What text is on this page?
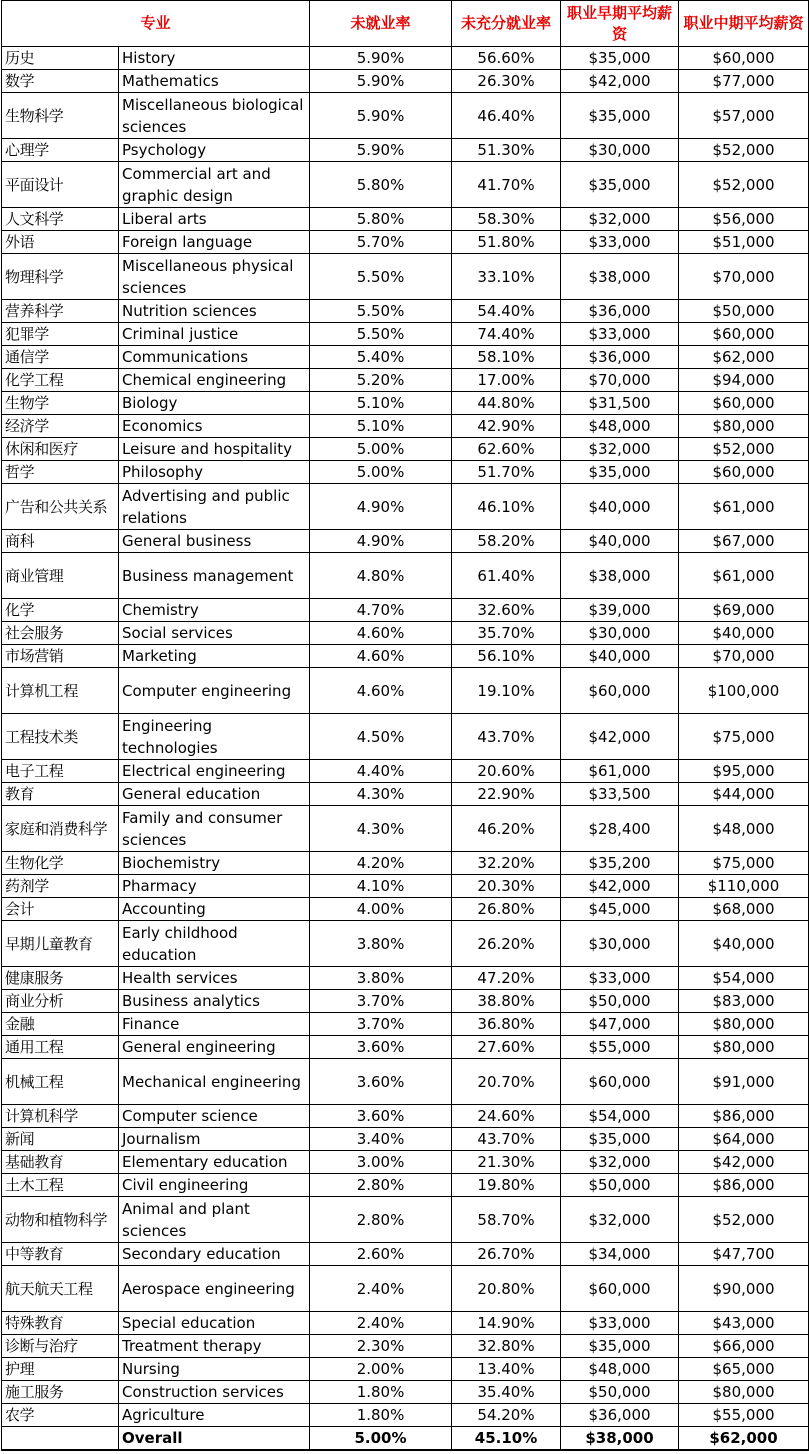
专业		未就业率	未充分就业率	职业早期平均薪资	职业中期平均薪资
历史	History	5.90%	56.60%	$35,000	$60,000
数学	Mathematics	5.90%	26.30%	$42,000	$77,000
生物科学	Miscellaneous biological sciences	5.90%	46.40%	$35,000	$57,000
心理学	Psychology	5.90%	51.30%	$30,000	$52,000
平面设计	Commercial art and graphic design	5.80%	41.70%	$35,000	$52,000
人文科学	Liberal arts	5.80%	58.30%	$32,000	$56,000
外语	Foreign language	5.70%	51.80%	$33,000	$51,000
物理科学	Miscellaneous physical sciences	5.50%	33.10%	$38,000	$70,000
营养科学	Nutrition sciences	5.50%	54.40%	$36,000	$50,000
犯罪学	Criminal justice	5.50%	74.40%	$33,000	$60,000
通信学	Communications	5.40%	58.10%	$36,000	$62,000
化学工程	Chemical engineering	5.20%	17.00%	$70,000	$94,000
生物学	Biology	5.10%	44.80%	$31,500	$60,000
经济学	Economics	5.10%	42.90%	$48,000	$80,000
休闲和医疗	Leisure and hospitality	5.00%	62.60%	$32,000	$52,000
哲学	Philosophy	5.00%	51.70%	$35,000	$60,000
广告和公共关系	Advertising and public relations	4.90%	46.10%	$40,000	$61,000
商科	General business	4.90%	58.20%	$40,000	$67,000
商业管理	Business management	4.80%	61.40%	$38,000	$61,000
化学	Chemistry	4.70%	32.60%	$39,000	$69,000
社会服务	Social services	4.60%	35.70%	$30,000	$40,000
市场营销	Marketing	4.60%	56.10%	$40,000	$70,000
计算机工程	Computer engineering	4.60%	19.10%	$60,000	$100,000
工程技术类	Engineering technologies	4.50%	43.70%	$42,000	$75,000
电子工程	Electrical engineering	4.40%	20.60%	$61,000	$95,000
教育	General education	4.30%	22.90%	$33,500	$44,000
家庭和消费科学	Family and consumer sciences	4.30%	46.20%	$28,400	$48,000
生物化学	Biochemistry	4.20%	32.20%	$35,200	$75,000
药剂学	Pharmacy	4.10%	20.30%	$42,000	$110,000
会计	Accounting	4.00%	26.80%	$45,000	$68,000
早期儿童教育	Early childhood education	3.80%	26.20%	$30,000	$40,000
健康服务	Health services	3.80%	47.20%	$33,000	$54,000
商业分析	Business analytics	3.70%	38.80%	$50,000	$83,000
金融	Finance	3.70%	36.80%	$47,000	$80,000
通用工程	General engineering	3.60%	27.60%	$55,000	$80,000
机械工程	Mechanical engineering	3.60%	20.70%	$60,000	$91,000
计算机科学	Computer science	3.60%	24.60%	$54,000	$86,000
新闻	Journalism	3.40%	43.70%	$35,000	$64,000
基础教育	Elementary education	3.00%	21.30%	$32,000	$42,000
土木工程	Civil engineering	2.80%	19.80%	$50,000	$86,000
动物和植物科学	Animal and plant sciences	2.80%	58.70%	$32,000	$52,000
中等教育	Secondary education	2.60%	26.70%	$34,000	$47,700
航天航天工程	Aerospace engineering	2.40%	20.80%	$60,000	$90,000
特殊教育	Special education	2.40%	14.90%	$33,000	$43,000
诊断与治疗	Treatment therapy	2.30%	32.80%	$35,000	$66,000
护理	Nursing	2.00%	13.40%	$48,000	$65,000
施工服务	Construction services	1.80%	35.40%	$50,000	$80,000
农学	Agriculture	1.80%	54.20%	$36,000	$55,000
	Overall	5.00%	45.10%	$38,000	$62,000
